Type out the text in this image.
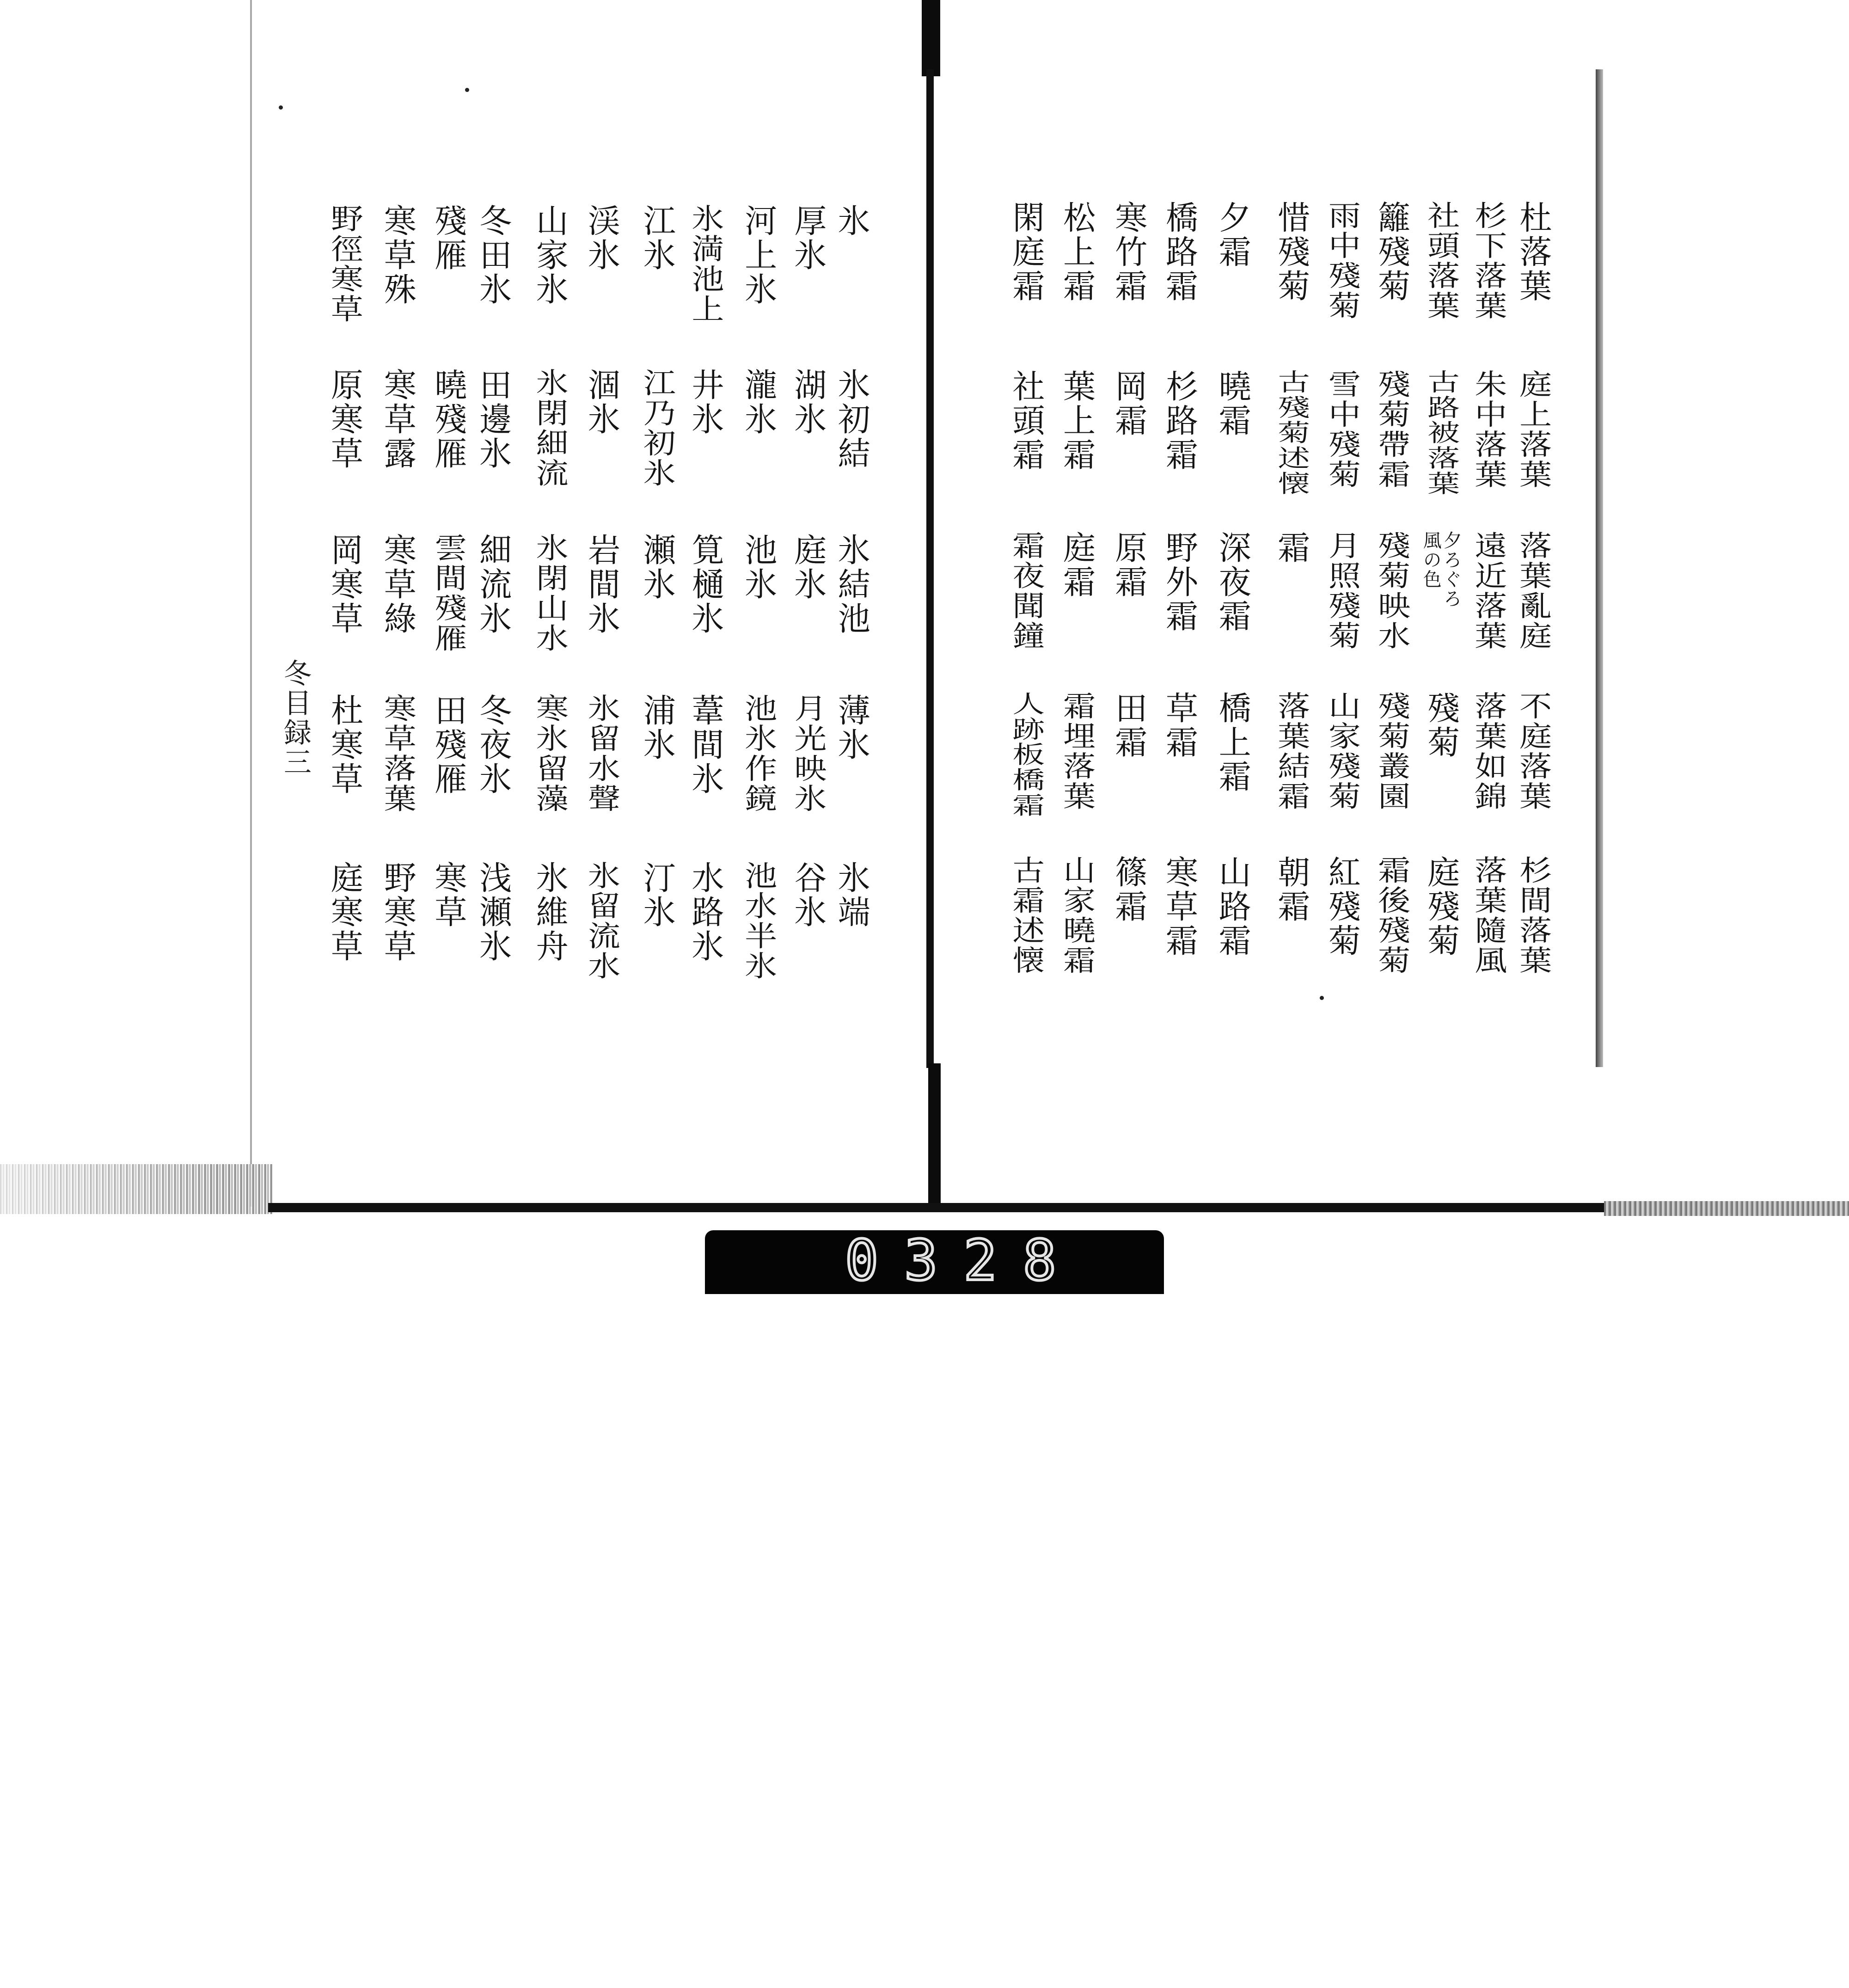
杜落葉
庭上落葉
落葉亂庭
不庭落葉
杉間落葉
杉下落葉
朱中落葉
遠近落葉
落葉如錦
落葉隨風
社頭落葉
古路被落葉
夕ろぐろ
風の色
殘菊
庭殘菊
籬殘菊
殘菊帶霜
殘菊映水
殘菊叢園
霜後殘菊
雨中殘菊
雪中殘菊
月照殘菊
山家殘菊
紅殘菊
惜殘菊
古殘菊述懐
霜
落葉結霜
朝霜
夕霜
曉霜
深夜霜
橋上霜
山路霜
橋路霜
杉路霜
野外霜
草霜
寒草霜
寒竹霜
岡霜
原霜
田霜
篠霜
松上霜
葉上霜
庭霜
霜埋落葉
山家曉霜
閑庭霜
社頭霜
霜夜聞鐘
人跡板橋霜
古霜述懐
氷
氷初結
氷結池
薄氷
氷端
厚氷
湖氷
庭氷
月光映氷
谷氷
河上氷
瀧氷
池氷
池氷作鏡
池水半氷
氷満池上
井氷
筧樋氷
葦間氷
水路氷
江氷
江乃初氷
瀬氷
浦氷
汀氷
渓氷
涸氷
岩間氷
氷留水聲
氷留流水
山家氷
氷閉細流
氷閉山水
寒氷留藻
氷維舟
冬田氷
田邊氷
細流氷
冬夜氷
浅瀬氷
殘雁
曉殘雁
雲間殘雁
田殘雁
寒草
寒草殊
寒草露
寒草綠
寒草落葉
野寒草
野徑寒草
原寒草
岡寒草
杜寒草
庭寒草
冬目録三
0328
